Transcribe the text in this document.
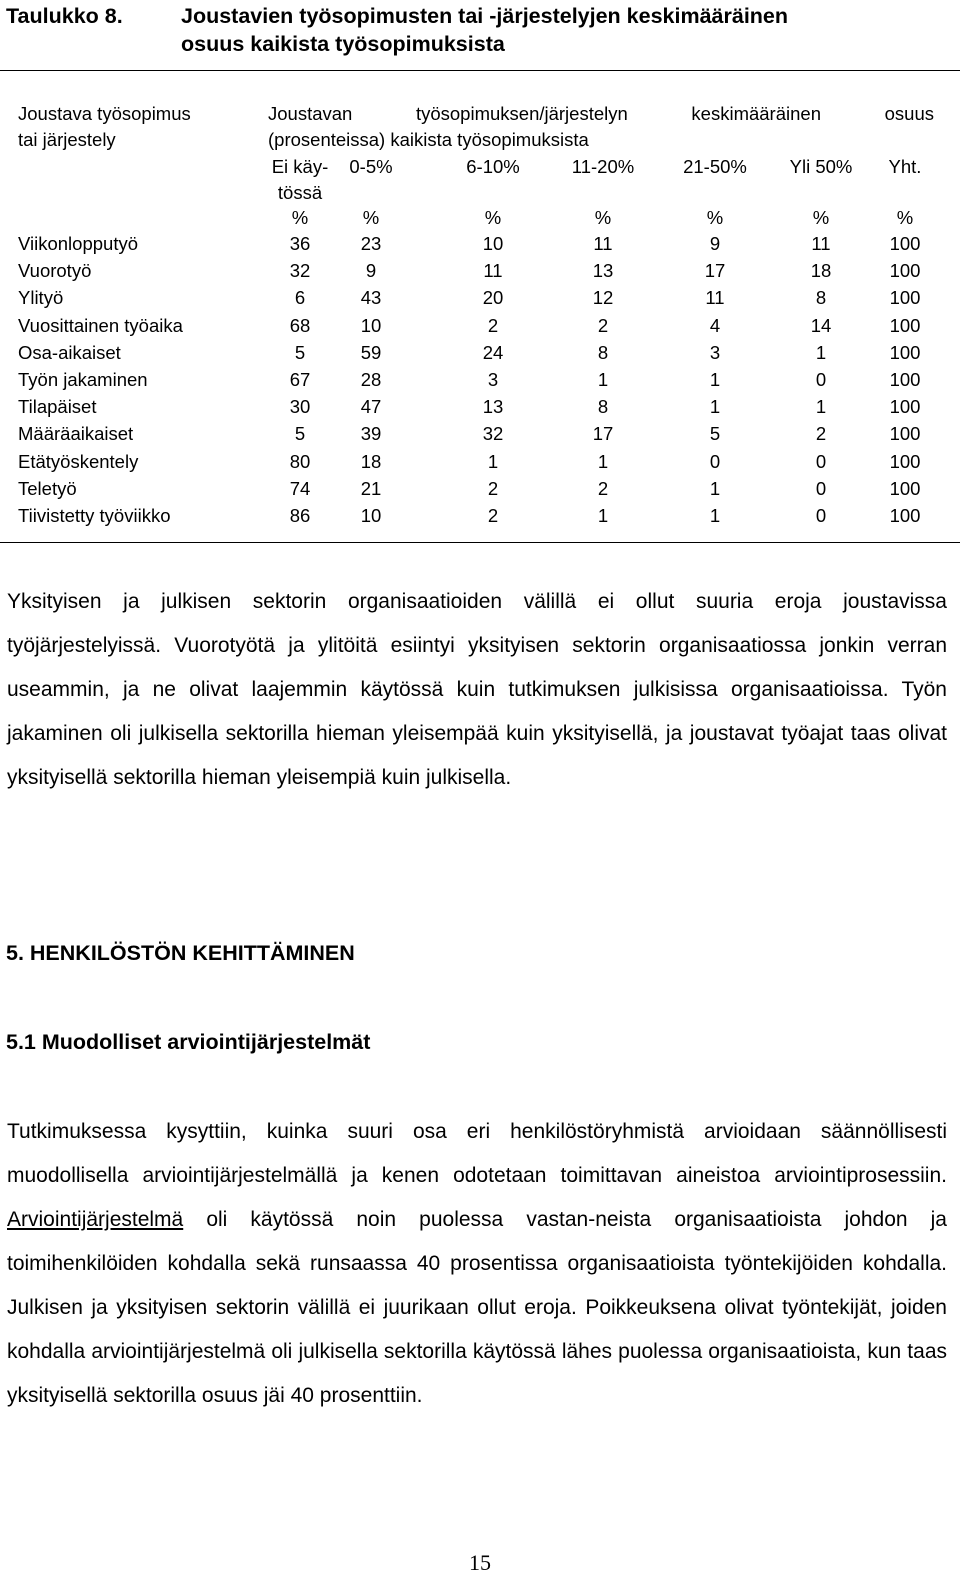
Taulukko 8.	Joustavien työsopimusten tai -järjestelyjen keskimääräinen
osuus kaikista työsopimuksista
Joustava työsopimus
tai järjestely
Joustavan työsopimuksen/järjestelyn keskimääräinen osuus
(prosenteissa) kaikista työsopimuksista
Ei käy-	0-5%	6-10%	11-20%	21-50%	Yli 50%	Yht.
tössä
%	%	%	%	%	%	%
Viikonlopputyö	36	23	10	11	9	11	100
Vuorotyö	32	9	11	13	17	18	100
Ylityö	6	43	20	12	11	8	100
Vuosittainen työaika	68	10	2	2	4	14	100
Osa-aikaiset	5	59	24	8	3	1	100
Työn jakaminen	67	28	3	1	1	0	100
Tilapäiset	30	47	13	8	1	1	100
Määräaikaiset	5	39	32	17	5	2	100
Etätyöskentely	80	18	1	1	0	0	100
Teletyö	74	21	2	2	1	0	100
Tiivistetty työviikko	86	10	2	1	1	0	100
Yksityisen ja julkisen sektorin organisaatioiden välillä ei ollut suuria eroja joustavissa työjärjestelyissä. Vuorotyötä ja ylitöitä esiintyi yksityisen sektorin organisaatiossa jonkin verran useammin, ja ne olivat laajemmin käytössä kuin tutkimuksen julkisissa organisaatioissa. Työn jakaminen oli julkisella sektorilla hieman yleisempää kuin yksityisellä, ja joustavat työajat taas olivat yksityisellä sektorilla hieman yleisempiä kuin julkisella.
5. HENKILÖSTÖN KEHITTÄMINEN
5.1 Muodolliset arviointijärjestelmät
Tutkimuksessa kysyttiin, kuinka suuri osa eri henkilöstöryhmistä arvioidaan säännöllisesti muodollisella arviointijärjestelmällä ja kenen odotetaan toimittavan aineistoa arviointiprosessiin. Arviointijärjestelmä oli käytössä noin puolessa vastan-neista organisaatioista johdon ja toimihenkilöiden kohdalla sekä runsaassa 40 prosentissa organisaatioista työntekijöiden kohdalla. Julkisen ja yksityisen sektorin välillä ei juurikaan ollut eroja. Poikkeuksena olivat työntekijät, joiden kohdalla arviointijärjestelmä oli julkisella sektorilla käytössä lähes puolessa organisaatioista, kun taas yksityisellä sektorilla osuus jäi 40 prosenttiin.
15
